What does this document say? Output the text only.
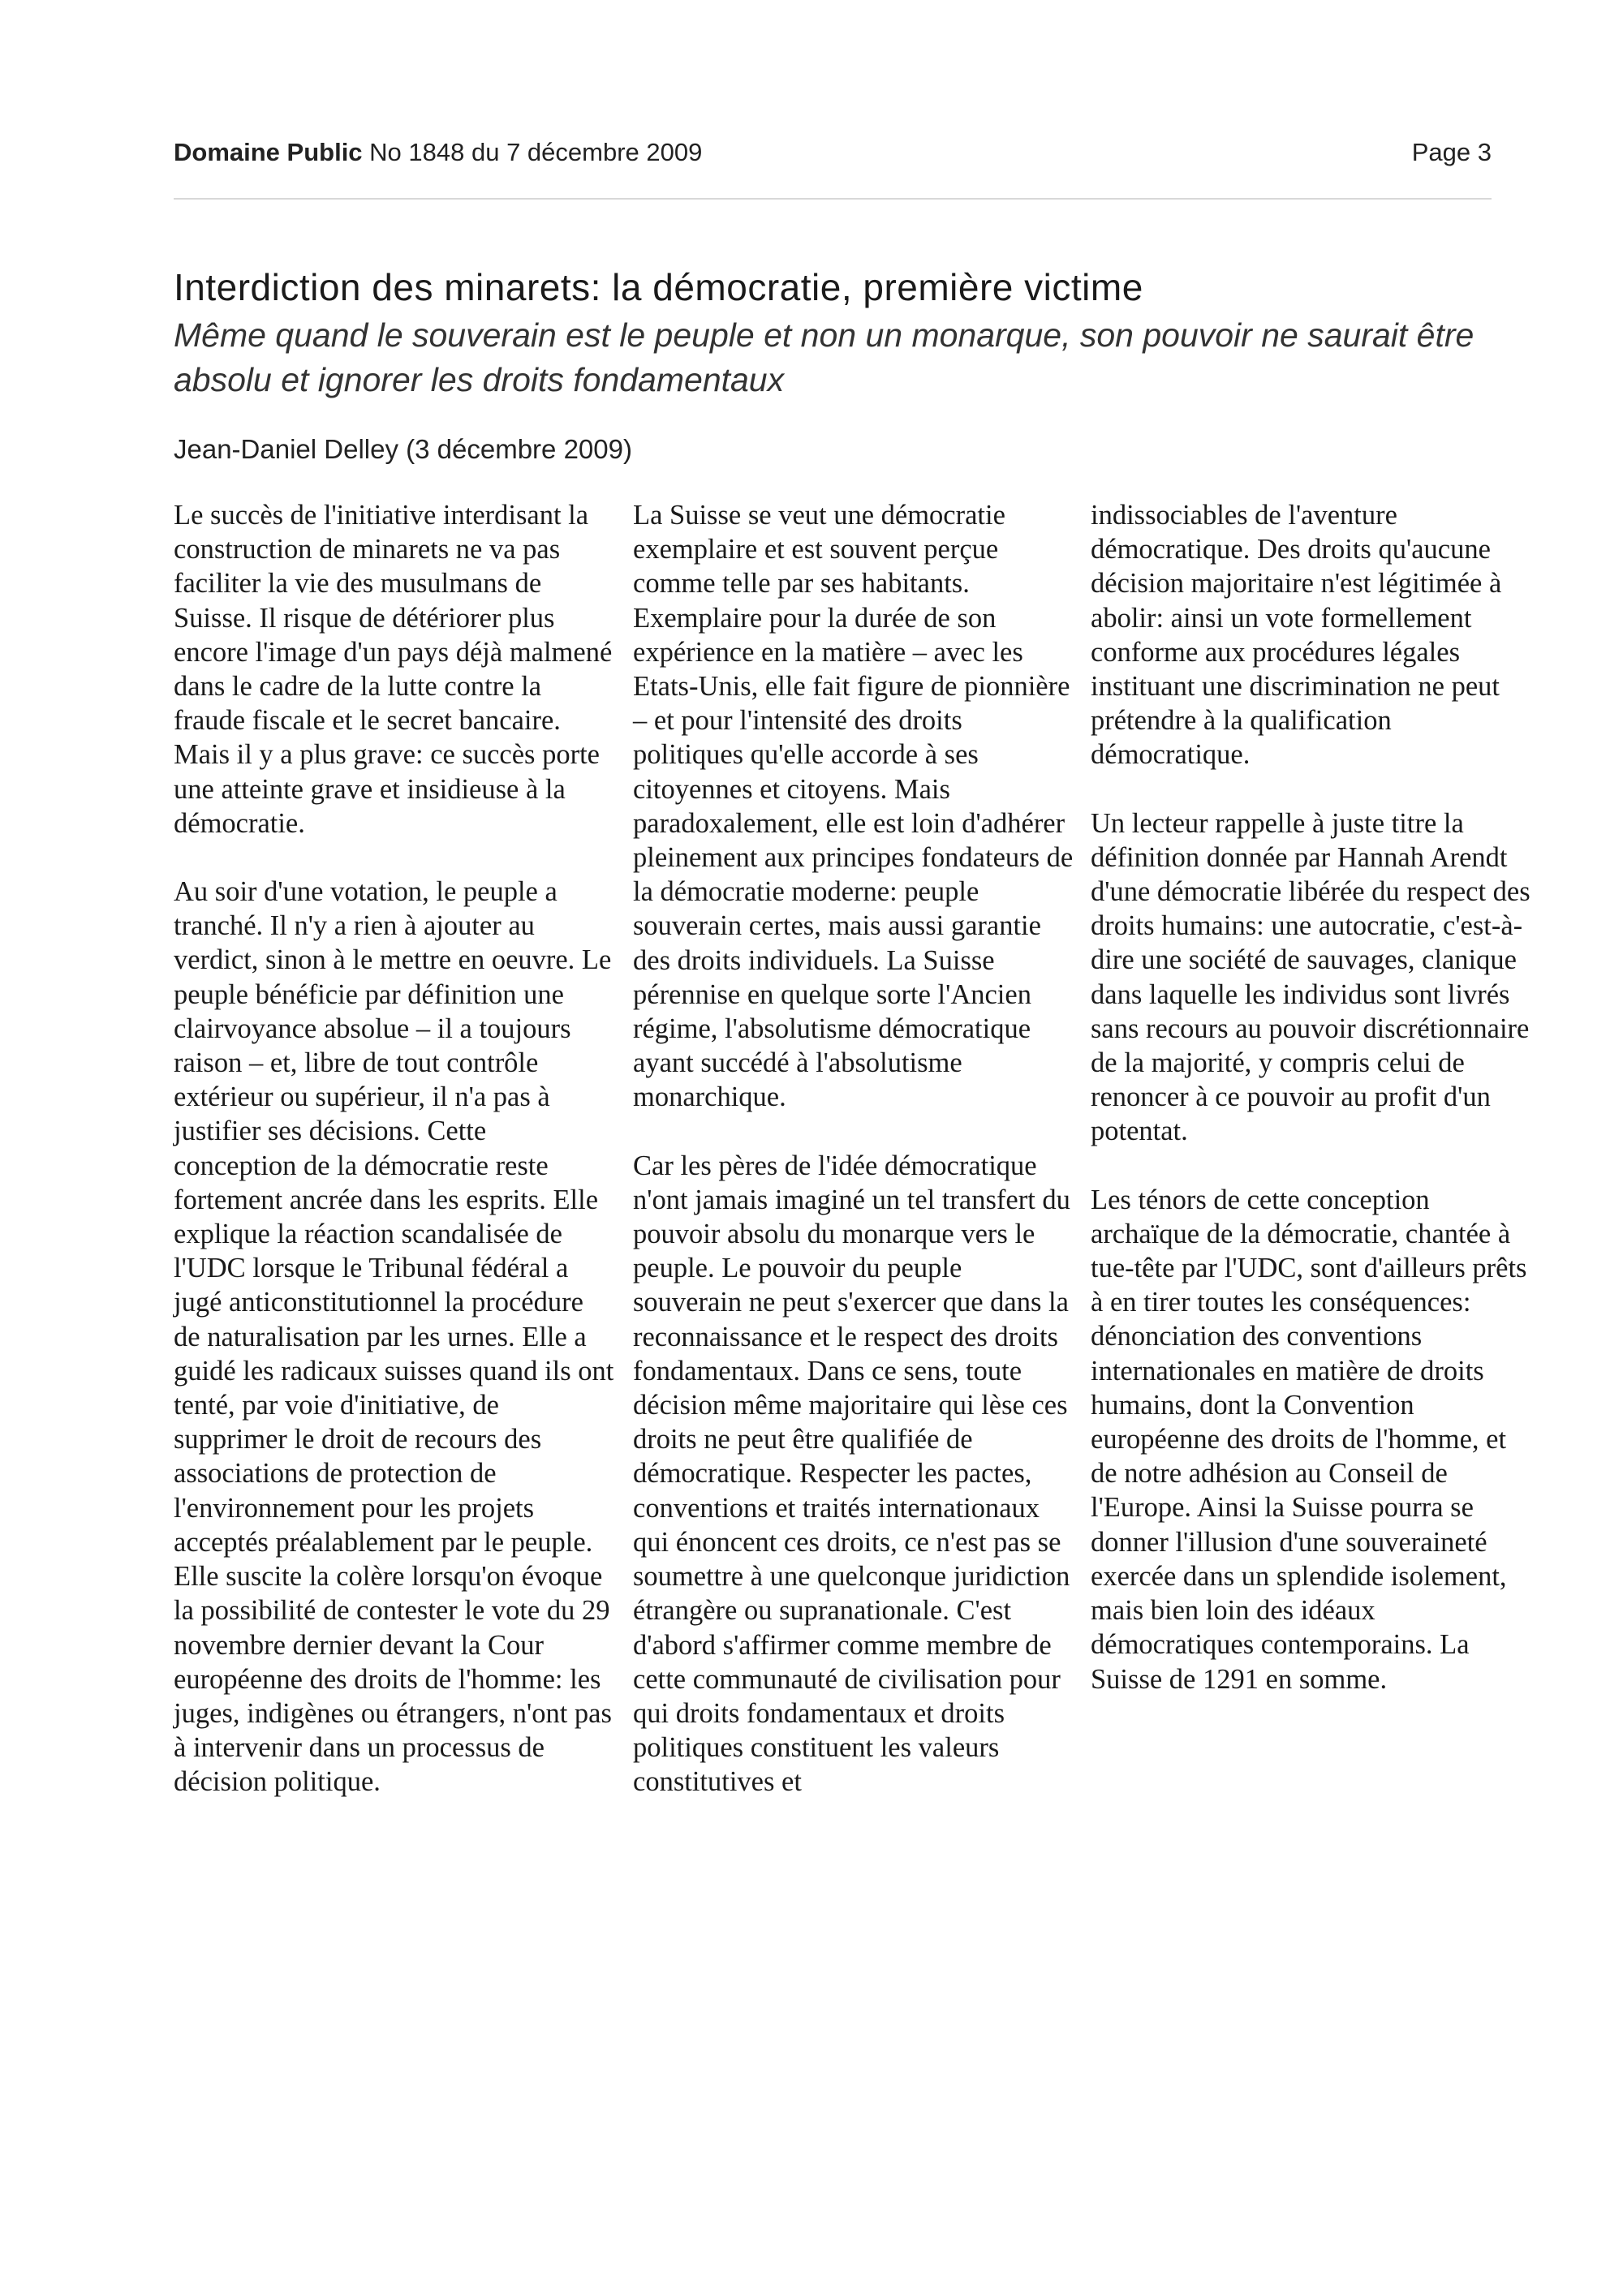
Domaine Public No 1848 du 7 décembre 2009	Page 3
Interdiction des minarets: la démocratie, première victime
Même quand le souverain est le peuple et non un monarque, son pouvoir ne saurait être absolu et ignorer les droits fondamentaux
Jean-Daniel Delley (3 décembre 2009)

Le succès de l'initiative interdisant la construction de minarets ne va pas faciliter la vie des musulmans de Suisse. Il risque de détériorer plus encore l'image d'un pays déjà malmené dans le cadre de la lutte contre la fraude fiscale et le secret bancaire. Mais il y a plus grave: ce succès porte une atteinte grave et insidieuse à la démocratie.

Au soir d'une votation, le peuple a tranché. Il n'y a rien à ajouter au verdict, sinon à le mettre en oeuvre. Le peuple bénéficie par définition une clairvoyance absolue – il a toujours raison – et, libre de tout contrôle extérieur ou supérieur, il n'a pas à justifier ses décisions. Cette conception de la démocratie reste fortement ancrée dans les esprits. Elle explique la réaction scandalisée de l'UDC lorsque le Tribunal fédéral a jugé anticonstitutionnel la procédure de naturalisation par les urnes. Elle a guidé les radicaux suisses quand ils ont tenté, par voie d'initiative, de supprimer le droit de recours des associations de protection de l'environnement pour les projets acceptés préalablement par le peuple. Elle suscite la colère lorsqu'on évoque la possibilité de contester le vote du 29 novembre dernier devant la Cour européenne des droits de l'homme: les juges, indigènes ou étrangers, n'ont pas à intervenir dans un processus de décision politique.

La Suisse se veut une démocratie exemplaire et est souvent perçue comme telle par ses habitants. Exemplaire pour la durée de son expérience en la matière – avec les Etats-Unis, elle fait figure de pionnière – et pour l'intensité des droits politiques qu'elle accorde à ses citoyennes et citoyens. Mais paradoxalement, elle est loin d'adhérer pleinement aux principes fondateurs de la démocratie moderne: peuple souverain certes, mais aussi garantie des droits individuels. La Suisse pérennise en quelque sorte l'Ancien régime, l'absolutisme démocratique ayant succédé à l'absolutisme monarchique.

Car les pères de l'idée démocratique n'ont jamais imaginé un tel transfert du pouvoir absolu du monarque vers le peuple. Le pouvoir du peuple souverain ne peut s'exercer que dans la reconnaissance et le respect des droits fondamentaux. Dans ce sens, toute décision même majoritaire qui lèse ces droits ne peut être qualifiée de démocratique. Respecter les pactes, conventions et traités internationaux qui énoncent ces droits, ce n'est pas se soumettre à une quelconque juridiction étrangère ou supranationale. C'est d'abord s'affirmer comme membre de cette communauté de civilisation pour qui droits fondamentaux et droits politiques constituent les valeurs constitutives et

indissociables de l'aventure démocratique. Des droits qu'aucune décision majoritaire n'est légitimée à abolir: ainsi un vote formellement conforme aux procédures légales instituant une discrimination ne peut prétendre à la qualification démocratique.

Un lecteur rappelle à juste titre la définition donnée par Hannah Arendt d'une démocratie libérée du respect des droits humains: une autocratie, c'est-à-dire une société de sauvages, clanique dans laquelle les individus sont livrés sans recours au pouvoir discrétionnaire de la majorité, y compris celui de renoncer à ce pouvoir au profit d'un potentat.

Les ténors de cette conception archaïque de la démocratie, chantée à tue-tête par l'UDC, sont d'ailleurs prêts à en tirer toutes les conséquences: dénonciation des conventions internationales en matière de droits humains, dont la Convention européenne des droits de l'homme, et de notre adhésion au Conseil de l'Europe. Ainsi la Suisse pourra se donner l'illusion d'une souveraineté exercée dans un splendide isolement, mais bien loin des idéaux démocratiques contemporains. La Suisse de 1291 en somme.
